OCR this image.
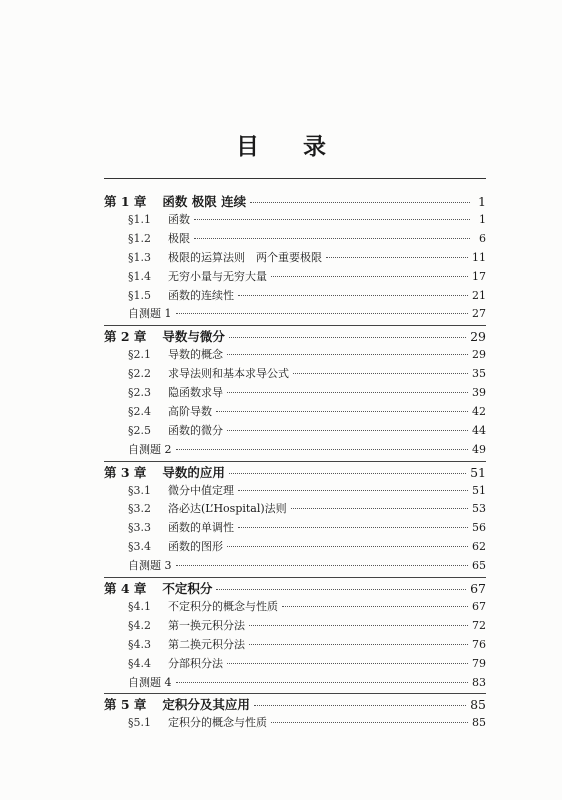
目 录
第 1 章 函数 极限 连续	1
§1.1	函数	1
§1.2	极限	6
§1.3	极限的运算法则　两个重要极限	11
§1.4	无穷小量与无穷大量	17
§1.5	函数的连续性	21
自测题 1	27
第 2 章 导数与微分	29
§2.1	导数的概念	29
§2.2	求导法则和基本求导公式	35
§2.3	隐函数求导	39
§2.4	高阶导数	42
§2.5	函数的微分	44
自测题 2	49
第 3 章 导数的应用	51
§3.1	微分中值定理	51
§3.2	洛必达(L’Hospital)法则	53
§3.3	函数的单调性	56
§3.4	函数的图形	62
自测题 3	65
第 4 章 不定积分	67
§4.1	不定积分的概念与性质	67
§4.2	第一换元积分法	72
§4.3	第二换元积分法	76
§4.4	分部积分法	79
自测题 4	83
第 5 章 定积分及其应用	85
§5.1	定积分的概念与性质	85
